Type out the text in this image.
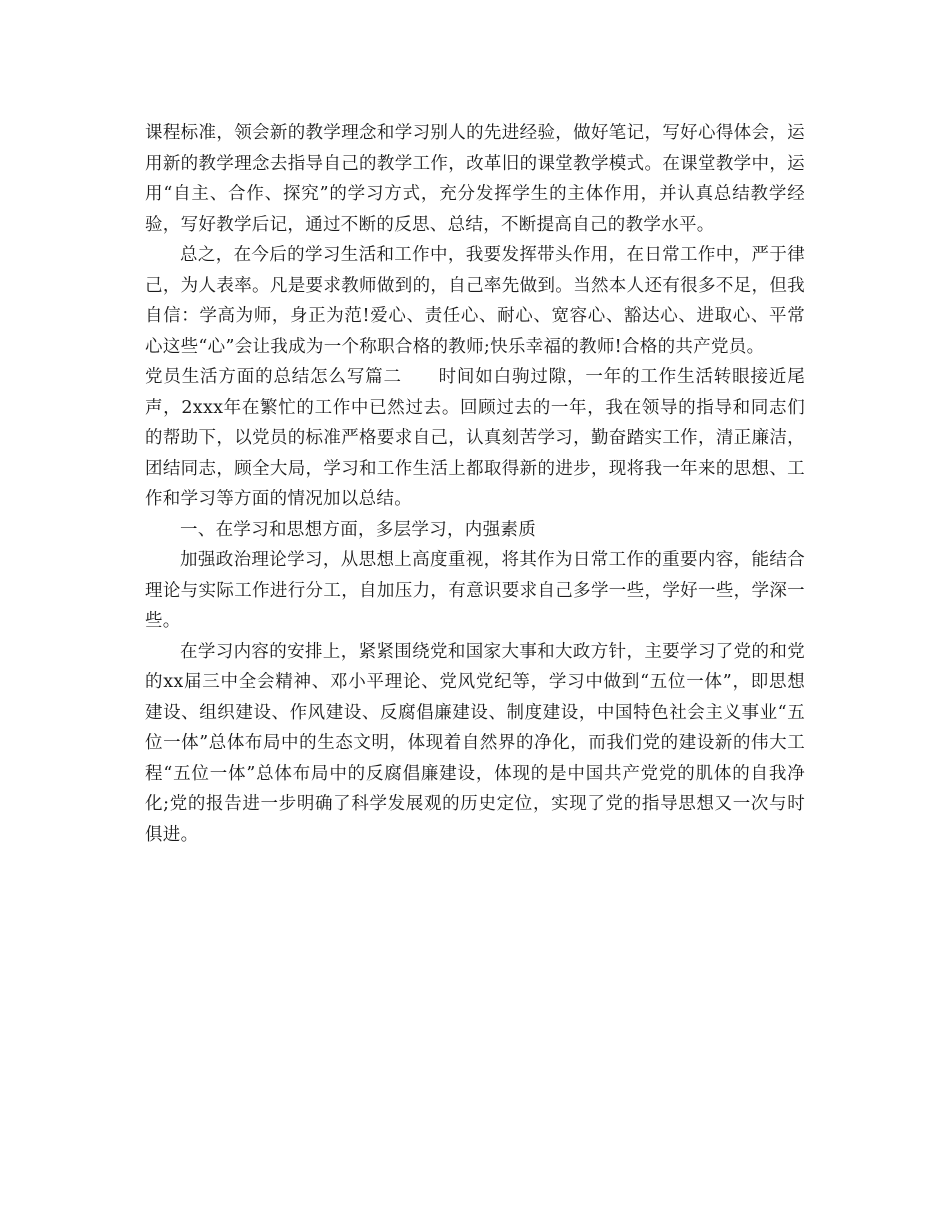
课程标准，领会新的教学理念和学习别人的先进经验，做好笔记，写好心得体会，运用新的教学理念去指导自己的教学工作，改革旧的课堂教学模式。在课堂教学中，运用“自主、合作、探究”的学习方式，充分发挥学生的主体作用，并认真总结教学经验，写好教学后记，通过不断的反思、总结，不断提高自己的教学水平。

总之，在今后的学习生活和工作中，我要发挥带头作用，在日常工作中，严于律己，为人表率。凡是要求教师做到的，自己率先做到。当然本人还有很多不足，但我自信：学高为师，身正为范!爱心、责任心、耐心、宽容心、豁达心、进取心、平常心这些“心”会让我成为一个称职合格的教师;快乐幸福的教师!合格的共产党员。

党员生活方面的总结怎么写篇二　　时间如白驹过隙，一年的工作生活转眼接近尾声，2xxx年在繁忙的工作中已然过去。回顾过去的一年，我在领导的指导和同志们的帮助下，以党员的标准严格要求自己，认真刻苦学习，勤奋踏实工作，清正廉洁，团结同志，顾全大局，学习和工作生活上都取得新的进步，现将我一年来的思想、工作和学习等方面的情况加以总结。

一、在学习和思想方面，多层学习，内强素质

加强政治理论学习，从思想上高度重视，将其作为日常工作的重要内容，能结合理论与实际工作进行分工，自加压力，有意识要求自己多学一些，学好一些，学深一些。

在学习内容的安排上，紧紧围绕党和国家大事和大政方针，主要学习了党的和党的xx届三中全会精神、邓小平理论、党风党纪等，学习中做到“五位一体”，即思想建设、组织建设、作风建设、反腐倡廉建设、制度建设，中国特色社会主义事业“五位一体”总体布局中的生态文明，体现着自然界的净化，而我们党的建设新的伟大工程“五位一体”总体布局中的反腐倡廉建设，体现的是中国共产党党的肌体的自我净化;党的报告进一步明确了科学发展观的历史定位，实现了党的指导思想又一次与时俱进。
